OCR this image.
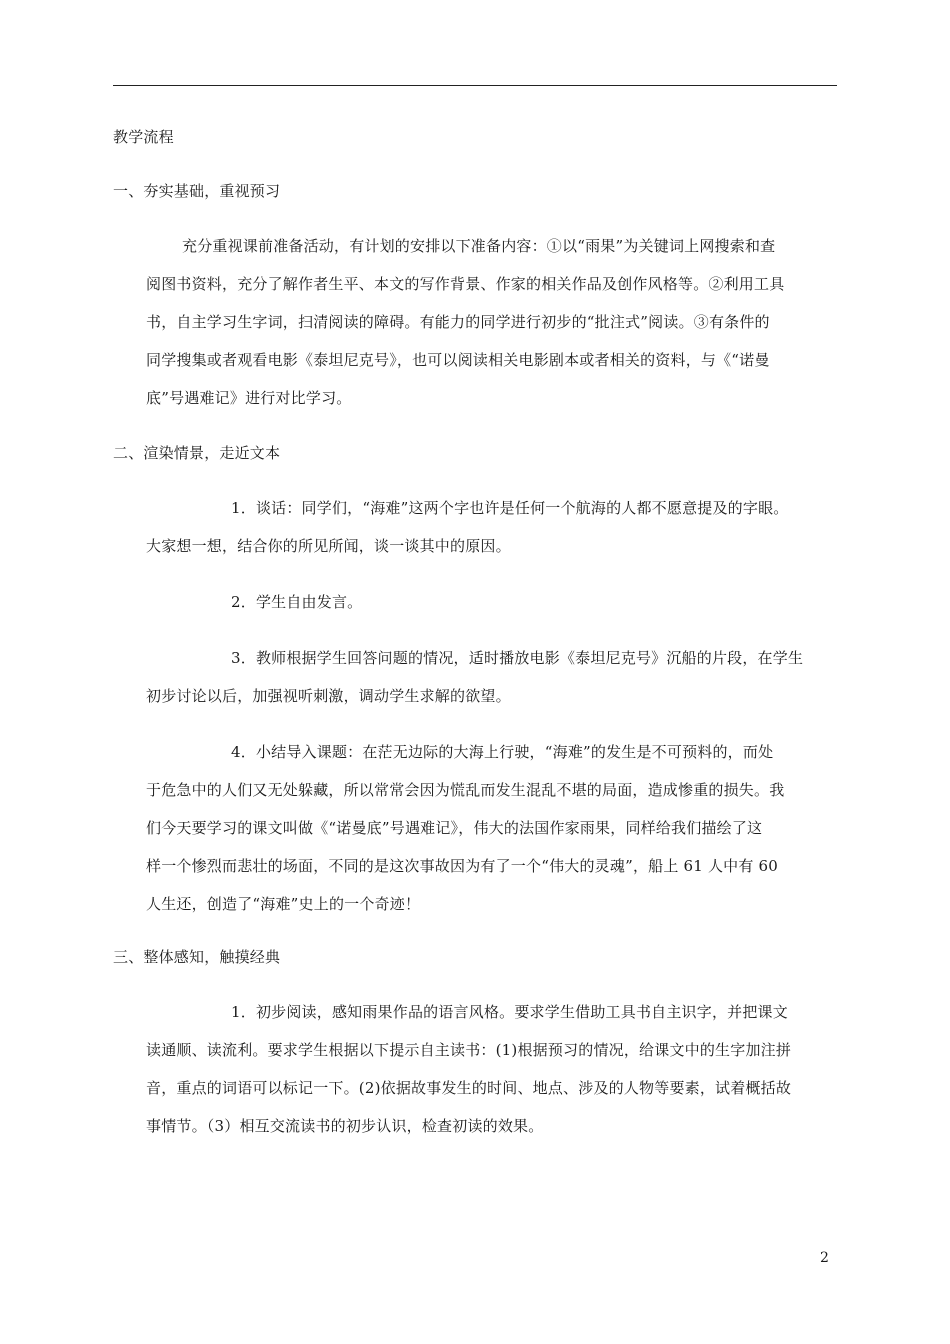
教学流程
一、夯实基础，重视预习
充分重视课前准备活动，有计划的安排以下准备内容：①以“雨果”为关键词上网搜索和查
阅图书资料，充分了解作者生平、本文的写作背景、作家的相关作品及创作风格等。②利用工具
书，自主学习生字词，扫清阅读的障碍。有能力的同学进行初步的“批注式”阅读。③有条件的
同学搜集或者观看电影《泰坦尼克号》，也可以阅读相关电影剧本或者相关的资料，与《“诺曼
底”号遇难记》进行对比学习。
二、渲染情景，走近文本
1．谈话：同学们，“海难”这两个字也许是任何一个航海的人都不愿意提及的字眼。
大家想一想，结合你的所见所闻，谈一谈其中的原因。
2．学生自由发言。
3．教师根据学生回答问题的情况，适时播放电影《泰坦尼克号》沉船的片段，在学生
初步讨论以后，加强视听刺激，调动学生求解的欲望。
4．小结导入课题：在茫无边际的大海上行驶，“海难”的发生是不可预料的，而处
于危急中的人们又无处躲藏，所以常常会因为慌乱而发生混乱不堪的局面，造成惨重的损失。我
们今天要学习的课文叫做《“诺曼底”号遇难记》，伟大的法国作家雨果，同样给我们描绘了这
样一个惨烈而悲壮的场面，不同的是这次事故因为有了一个“伟大的灵魂”，船上 61 人中有 60
人生还，创造了“海难”史上的一个奇迹！
三、整体感知，触摸经典
1．初步阅读，感知雨果作品的语言风格。要求学生借助工具书自主识字，并把课文
读通顺、读流利。要求学生根据以下提示自主读书：(1)根据预习的情况，给课文中的生字加注拼
音，重点的词语可以标记一下。(2)依据故事发生的时间、地点、涉及的人物等要素，试着概括故
事情节。（3）相互交流读书的初步认识，检查初读的效果。
2
